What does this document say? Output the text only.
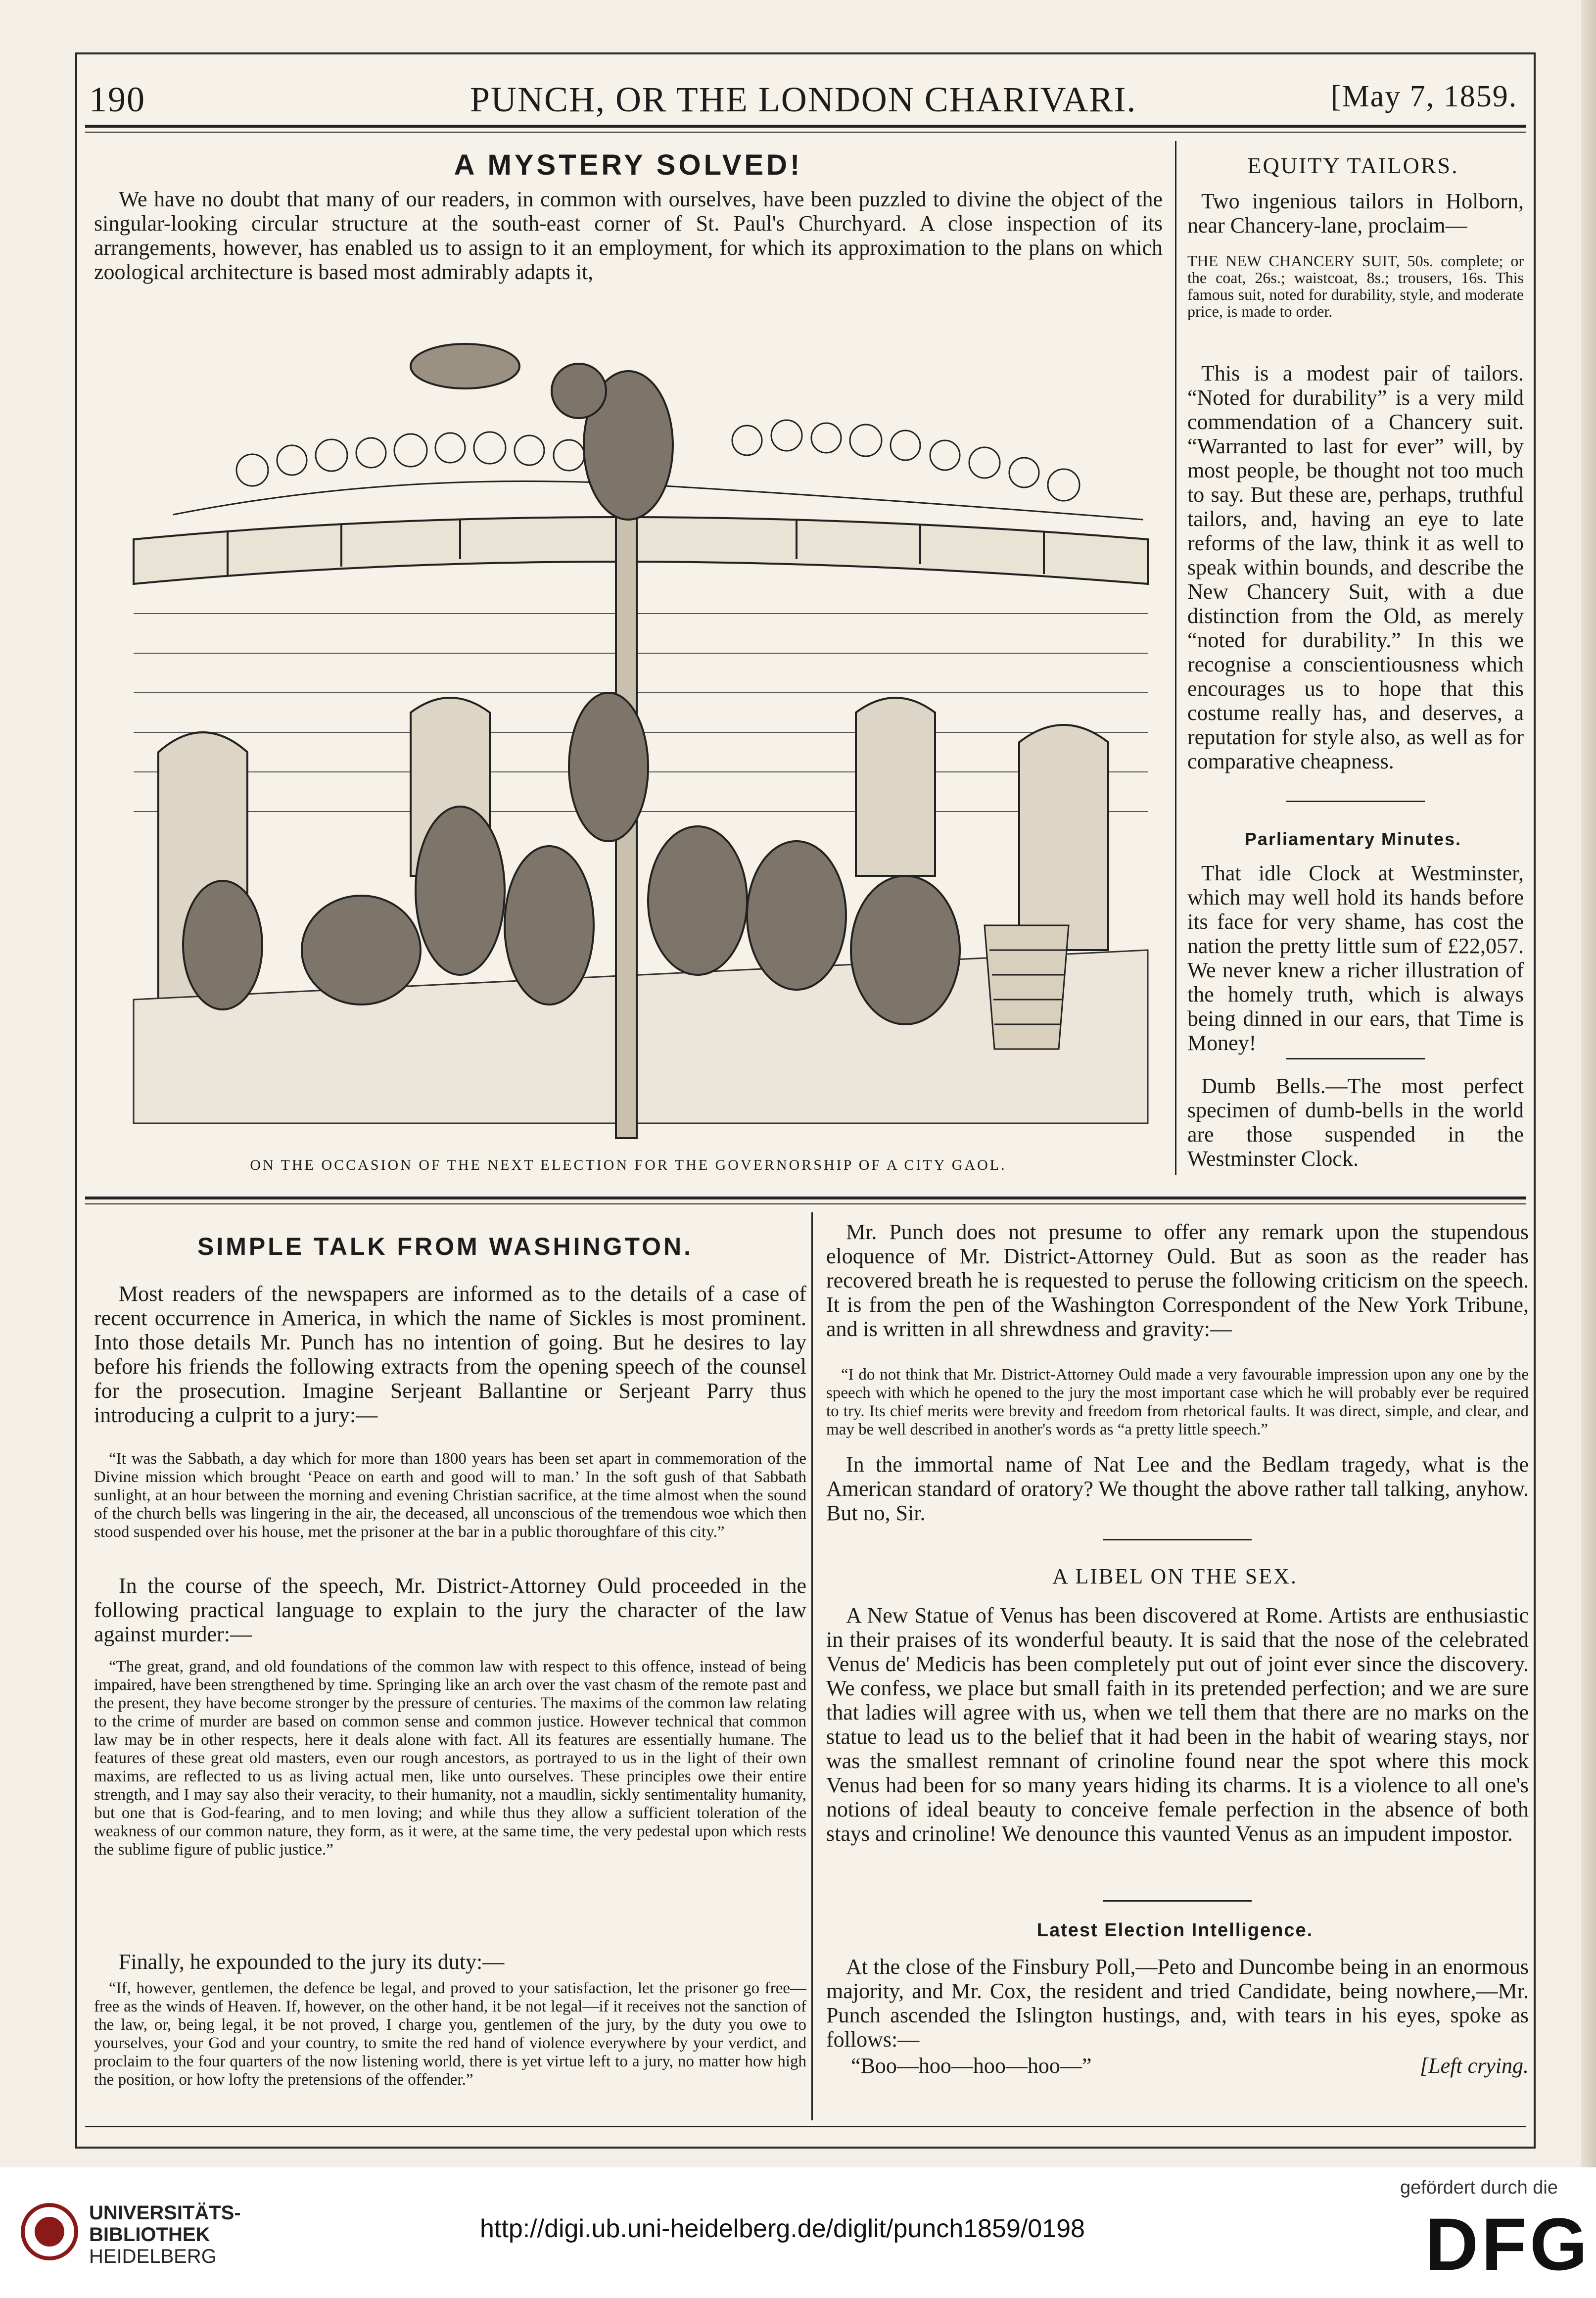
190	PUNCH, OR THE LONDON CHARIVARI.	[May 7, 1859.
A MYSTERY SOLVED!
We have no doubt that many of our readers, in common with ourselves, have been puzzled to divine the object of the singular-looking circular structure at the south-east corner of St. Paul's Churchyard. A close inspection of its arrangements, however, has enabled us to assign to it an employment, for which its approximation to the plans on which zoological architecture is based most admirably adapts it,
ON THE OCCASION OF THE NEXT ELECTION FOR THE GOVERNORSHIP OF A CITY GAOL.
EQUITY TAILORS.
Two ingenious tailors in Holborn, near Chancery-lane, proclaim—
THE NEW CHANCERY SUIT, 50s. complete; or the coat, 26s.; waistcoat, 8s.; trousers, 16s. This famous suit, noted for durability, style, and moderate price, is made to order.
This is a modest pair of tailors. “Noted for durability” is a very mild commendation of a Chancery suit. “Warranted to last for ever” will, by most people, be thought not too much to say. But these are, perhaps, truthful tailors, and, having an eye to late reforms of the law, think it as well to speak within bounds, and describe the New Chancery Suit, with a due distinction from the Old, as merely “noted for durability.” In this we recognise a conscientiousness which encourages us to hope that this costume really has, and deserves, a reputation for style also, as well as for comparative cheapness.
Parliamentary Minutes.
That idle Clock at Westminster, which may well hold its hands before its face for very shame, has cost the nation the pretty little sum of £22,057. We never knew a richer illustration of the homely truth, which is always being dinned in our ears, that Time is Money!
Dumb Bells.—The most perfect specimen of dumb-bells in the world are those suspended in the Westminster Clock.
SIMPLE TALK FROM WASHINGTON.
Most readers of the newspapers are informed as to the details of a case of recent occurrence in America, in which the name of Sickles is most prominent. Into those details Mr. Punch has no intention of going. But he desires to lay before his friends the following extracts from the opening speech of the counsel for the prosecution. Imagine Serjeant Ballantine or Serjeant Parry thus introducing a culprit to a jury:—
“It was the Sabbath, a day which for more than 1800 years has been set apart in commemoration of the Divine mission which brought ‘Peace on earth and good will to man.’ In the soft gush of that Sabbath sunlight, at an hour between the morning and evening Christian sacrifice, at the time almost when the sound of the church bells was lingering in the air, the deceased, all unconscious of the tremendous woe which then stood suspended over his house, met the prisoner at the bar in a public thoroughfare of this city.”
In the course of the speech, Mr. District-Attorney Ould proceeded in the following practical language to explain to the jury the character of the law against murder:—
“The great, grand, and old foundations of the common law with respect to this offence, instead of being impaired, have been strengthened by time. Springing like an arch over the vast chasm of the remote past and the present, they have become stronger by the pressure of centuries. The maxims of the common law relating to the crime of murder are based on common sense and common justice. However technical that common law may be in other respects, here it deals alone with fact. All its features are essentially humane. The features of these great old masters, even our rough ancestors, as portrayed to us in the light of their own maxims, are reflected to us as living actual men, like unto ourselves. These principles owe their entire strength, and I may say also their veracity, to their humanity, not a maudlin, sickly sentimentality humanity, but one that is God-fearing, and to men loving; and while thus they allow a sufficient toleration of the weakness of our common nature, they form, as it were, at the same time, the very pedestal upon which rests the sublime figure of public justice.”
Finally, he expounded to the jury its duty:—
“If, however, gentlemen, the defence be legal, and proved to your satisfaction, let the prisoner go free—free as the winds of Heaven. If, however, on the other hand, it be not legal—if it receives not the sanction of the law, or, being legal, it be not proved, I charge you, gentlemen of the jury, by the duty you owe to yourselves, your God and your country, to smite the red hand of violence everywhere by your verdict, and proclaim to the four quarters of the now listening world, there is yet virtue left to a jury, no matter how high the position, or how lofty the pretensions of the offender.”
Mr. Punch does not presume to offer any remark upon the stupendous eloquence of Mr. District-Attorney Ould. But as soon as the reader has recovered breath he is requested to peruse the following criticism on the speech. It is from the pen of the Washington Correspondent of the New York Tribune, and is written in all shrewdness and gravity:—
“I do not think that Mr. District-Attorney Ould made a very favourable impression upon any one by the speech with which he opened to the jury the most important case which he will probably ever be required to try. Its chief merits were brevity and freedom from rhetorical faults. It was direct, simple, and clear, and may be well described in another's words as “a pretty little speech.”
In the immortal name of Nat Lee and the Bedlam tragedy, what is the American standard of oratory? We thought the above rather tall talking, anyhow. But no, Sir.
A LIBEL ON THE SEX.
A New Statue of Venus has been discovered at Rome. Artists are enthusiastic in their praises of its wonderful beauty. It is said that the nose of the celebrated Venus de' Medicis has been completely put out of joint ever since the discovery. We confess, we place but small faith in its pretended perfection; and we are sure that ladies will agree with us, when we tell them that there are no marks on the statue to lead us to the belief that it had been in the habit of wearing stays, nor was the smallest remnant of crinoline found near the spot where this mock Venus had been for so many years hiding its charms. It is a violence to all one's notions of ideal beauty to conceive female perfection in the absence of both stays and crinoline! We denounce this vaunted Venus as an impudent impostor.
Latest Election Intelligence.
At the close of the Finsbury Poll,—Peto and Duncombe being in an enormous majority, and Mr. Cox, the resident and tried Candidate, being nowhere,—Mr. Punch ascended the Islington hustings, and, with tears in his eyes, spoke as follows:—
“Boo—hoo—hoo—hoo—”	[Left crying.
UNIVERSITÄTS-
BIBLIOTHEK
HEIDELBERG
http://digi.ub.uni-heidelberg.de/diglit/punch1859/0198
gefördert durch die
DFG
